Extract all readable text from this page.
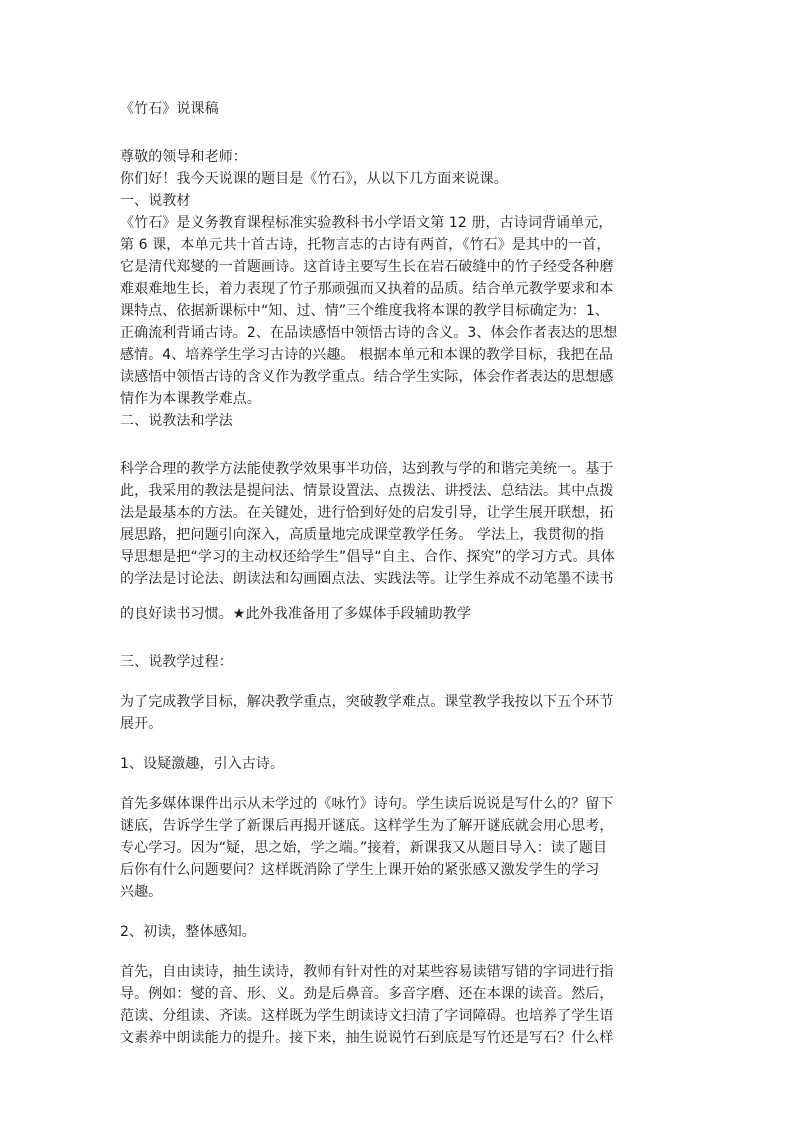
《竹石》说课稿
尊敬的领导和老师：
你们好！我今天说课的题目是《竹石》，从以下几方面来说课。
一、说教材
《竹石》是义务教育课程标准实验教科书小学语文第 12 册，古诗词背诵单元，
第 6 课，本单元共十首古诗，托物言志的古诗有两首，《竹石》是其中的一首，
它是清代郑燮的一首题画诗。这首诗主要写生长在岩石破缝中的竹子经受各种磨
难艰难地生长，着力表现了竹子那顽强而又执着的品质。结合单元教学要求和本
课特点、依据新课标中“知、过、情”三个维度我将本课的教学目标确定为：1、
正确流利背诵古诗。2、在品读感悟中领悟古诗的含义。3、体会作者表达的思想
感情。4、培养学生学习古诗的兴趣。 根据本单元和本课的教学目标，我把在品
读感悟中领悟古诗的含义作为教学重点。结合学生实际，体会作者表达的思想感
情作为本课教学难点。
二、说教法和学法
科学合理的教学方法能使教学效果事半功倍，达到教与学的和谐完美统一。基于
此，我采用的教法是提问法、情景设置法、点拨法、讲授法、总结法。其中点拨
法是最基本的方法。在关键处，进行恰到好处的启发引导，让学生展开联想，拓
展思路，把问题引向深入，高质量地完成课堂教学任务。 学法上，我贯彻的指
导思想是把“学习的主动权还给学生”倡导“自主、合作、探究”的学习方式。具体
的学法是讨论法、朗读法和勾画圈点法、实践法等。让学生养成不动笔墨不读书
的良好读书习惯。★此外我准备用了多媒体手段辅助教学
三、说教学过程：
为了完成教学目标，解决教学重点，突破教学难点。课堂教学我按以下五个环节
展开。
1、设疑激趣，引入古诗。
首先多媒体课件出示从未学过的《咏竹》诗句。学生读后说说是写什么的？留下
谜底，告诉学生学了新课后再揭开谜底。这样学生为了解开谜底就会用心思考，
专心学习。因为“疑，思之始，学之端。”接着，新课我又从题目导入：读了题目
后你有什么问题要问？这样既消除了学生上课开始的紧张感又激发学生的学习
兴趣。
2、初读，整体感知。
首先，自由读诗，抽生读诗，教师有针对性的对某些容易读错写错的字词进行指
导。例如：燮的音、形、义。劲是后鼻音。多音字磨、还在本课的读音。然后，
范读、分组读、齐读。这样既为学生朗读诗文扫清了字词障碍。也培养了学生语
文素养中朗读能力的提升。接下来，抽生说说竹石到底是写竹还是写石？什么样
